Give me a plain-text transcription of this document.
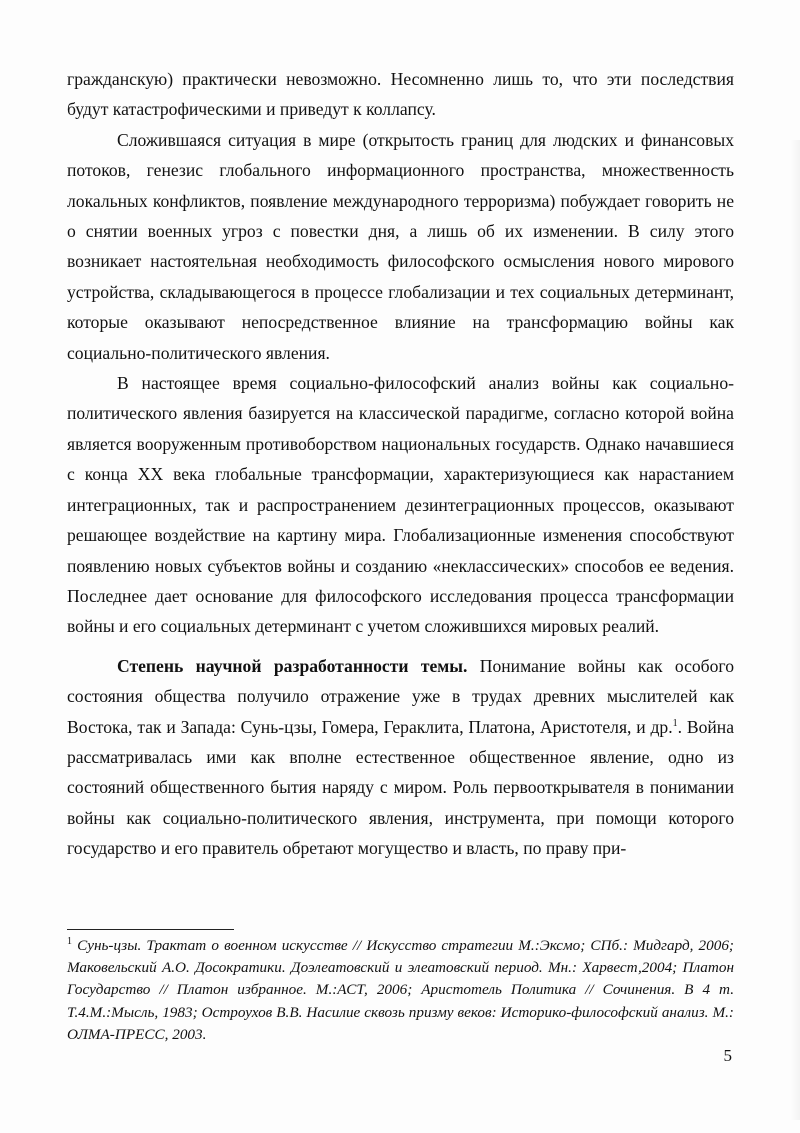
гражданскую) практически невозможно. Несомненно лишь то, что эти последствия будут катастрофическими и приведут к коллапсу.

Сложившаяся ситуация в мире (открытость границ для людских и финансовых потоков, генезис глобального информационного пространства, множественность локальных конфликтов, появление международного терроризма) побуждает говорить не о снятии военных угроз с повестки дня, а лишь об их изменении. В силу этого возникает настоятельная необходимость философского осмысления нового мирового устройства, складывающегося в процессе глобализации и тех социальных детерминант, которые оказывают непосредственное влияние на трансформацию войны как социально-политического явления.

В настоящее время социально-философский анализ войны как социально-политического явления базируется на классической парадигме, согласно которой война является вооруженным противоборством национальных государств. Однако начавшиеся с конца XX века глобальные трансформации, характеризующиеся как нарастанием интеграционных, так и распространением дезинтеграционных процессов, оказывают решающее воздействие на картину мира. Глобализационные изменения способствуют появлению новых субъектов войны и созданию «неклассических» способов ее ведения. Последнее дает основание для философского исследования процесса трансформации войны и его социальных детерминант с учетом сложившихся мировых реалий.

Степень научной разработанности темы. Понимание войны как особого состояния общества получило отражение уже в трудах древних мыслителей как Востока, так и Запада: Сунь-цзы, Гомера, Гераклита, Платона, Аристотеля, и др.$^1$. Война рассматривалась ими как вполне естественное общественное явление, одно из состояний общественного бытия наряду с миром. Роль первооткрывателя в понимании войны как социально-политического явления, инструмента, при помощи которого государство и его правитель обретают могущество и власть, по праву при-

$^1$ Сунь-цзы. Трактат о военном искусстве // Искусство стратегии М.:Эксмо; СПб.: Мидгард, 2006; Маковельский А.О. Досократики. Доэлеатовский и элеатовский период. Мн.: Харвест,2004; Платон Государство // Платон избранное. М.:АСТ, 2006; Аристотель Политика // Сочинения. В 4 т. Т.4.М.:Мысль, 1983; Остроухов В.В. Насилие сквозь призму веков: Историко-философский анализ. М.: ОЛМА-ПРЕСС, 2003.
5
